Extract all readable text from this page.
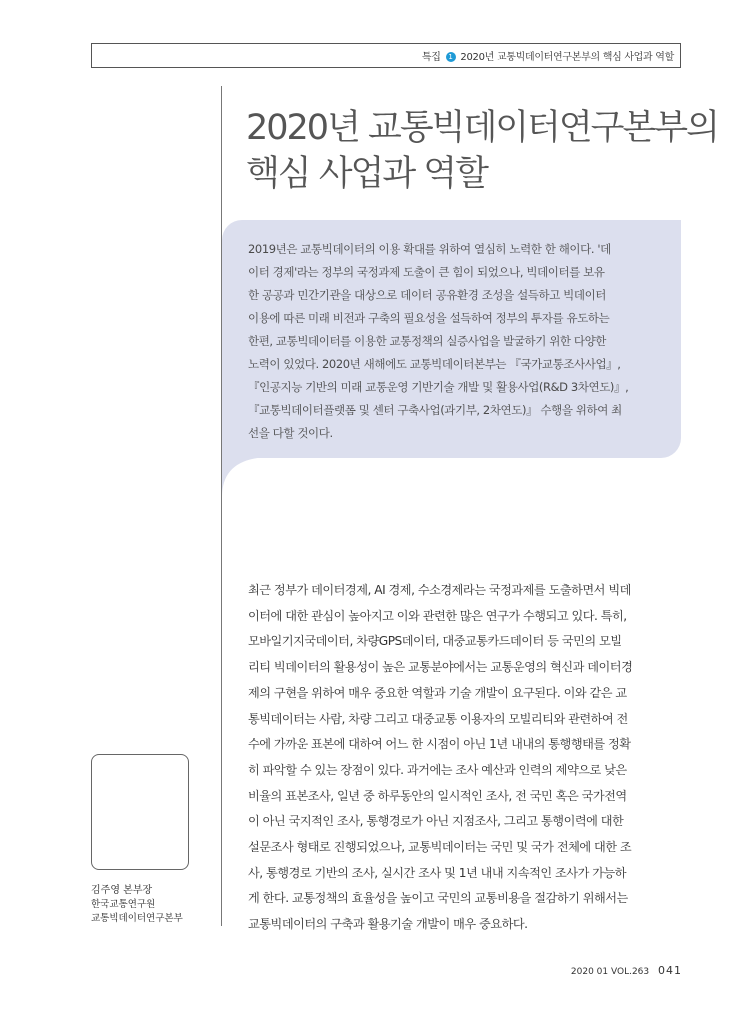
특집 1 2020년 교통빅데이터연구본부의 핵심 사업과 역할
2020년 교통빅데이터연구본부의
핵심 사업과 역할
2019년은 교통빅데이터의 이용 확대를 위하여 열심히 노력한 한 해이다. '데
이터 경제'라는 정부의 국정과제 도출이 큰 힘이 되었으나, 빅데이터를 보유
한 공공과 민간기관을 대상으로 데이터 공유환경 조성을 설득하고 빅데이터
이용에 따른 미래 비전과 구축의 필요성을 설득하여 정부의 투자를 유도하는
한편, 교통빅데이터를 이용한 교통정책의 실증사업을 발굴하기 위한 다양한
노력이 있었다. 2020년 새해에도 교통빅데이터본부는 『국가교통조사사업』,
『인공지능 기반의 미래 교통운영 기반기술 개발 및 활용사업(R&D 3차연도)』,
『교통빅데이터플랫폼 및 센터 구축사업(과기부, 2차연도)』 수행을 위하여 최
선을 다할 것이다.
최근 정부가 데이터경제, AI 경제, 수소경제라는 국정과제를 도출하면서 빅데
이터에 대한 관심이 높아지고 이와 관련한 많은 연구가 수행되고 있다. 특히,
모바일기지국데이터, 차량GPS데이터, 대중교통카드데이터 등 국민의 모빌
리티 빅데이터의 활용성이 높은 교통분야에서는 교통운영의 혁신과 데이터경
제의 구현을 위하여 매우 중요한 역할과 기술 개발이 요구된다. 이와 같은 교
통빅데이터는 사람, 차량 그리고 대중교통 이용자의 모빌리티와 관련하여 전
수에 가까운 표본에 대하여 어느 한 시점이 아닌 1년 내내의 통행행태를 정확
히 파악할 수 있는 장점이 있다. 과거에는 조사 예산과 인력의 제약으로 낮은
비율의 표본조사, 일년 중 하루동안의 일시적인 조사, 전 국민 혹은 국가전역
이 아닌 국지적인 조사, 통행경로가 아닌 지점조사, 그리고 통행이력에 대한
설문조사 형태로 진행되었으나, 교통빅데이터는 국민 및 국가 전체에 대한 조
사, 통행경로 기반의 조사, 실시간 조사 및 1년 내내 지속적인 조사가 가능하
게 한다. 교통정책의 효율성을 높이고 국민의 교통비용을 절감하기 위해서는
교통빅데이터의 구축과 활용기술 개발이 매우 중요하다.
김주영 본부장
한국교통연구원
교통빅데이터연구본부
2020 01 VOL.263 041
